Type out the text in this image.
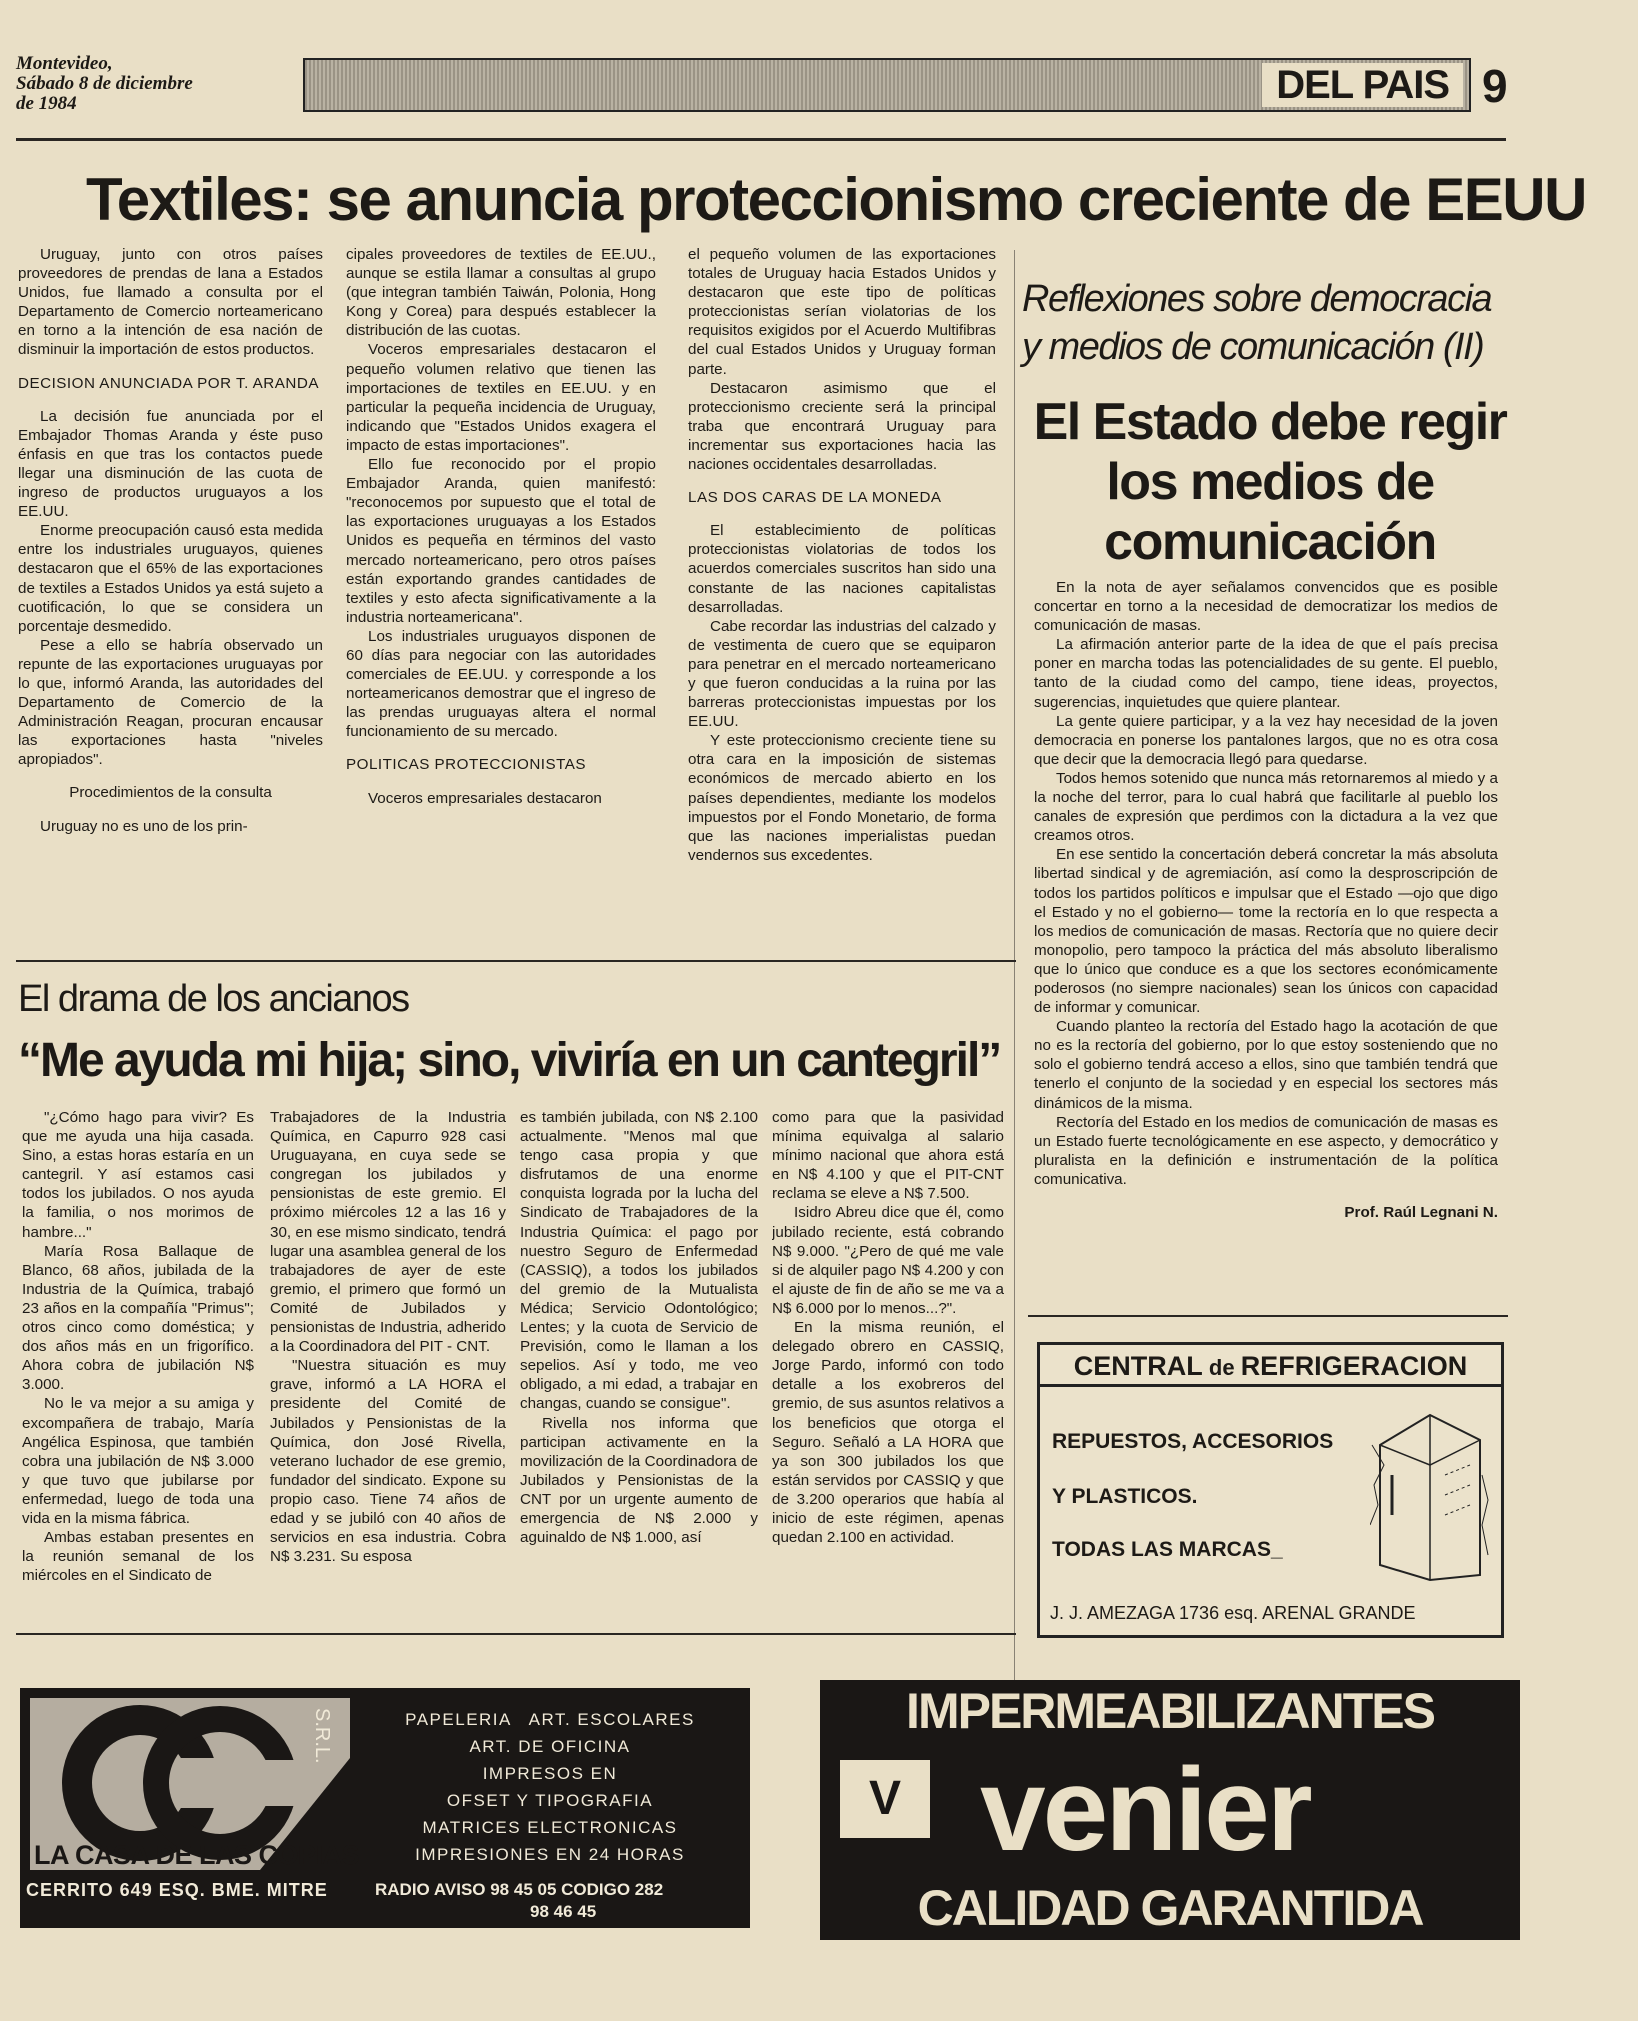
Montevideo,
Sábado 8 de diciembre
de 1984	DEL PAIS 9
Textiles: se anuncia proteccionismo creciente de EEUU

Uruguay, junto con otros países proveedores de prendas de lana a Estados Unidos, fue llamado a consulta por el Departamento de Comercio norteamericano en torno a la intención de esa nación de disminuir la importación de estos productos.

DECISION ANUNCIADA POR T. ARANDA

La decisión fue anunciada por el Embajador Thomas Aranda y éste puso énfasis en que tras los contactos puede llegar una disminución de las cuota de ingreso de productos uruguayos a los EE.UU.

Enorme preocupación causó esta medida entre los industriales uruguayos, quienes destacaron que el 65% de las exportaciones de textiles a Estados Unidos ya está sujeto a cuotificación, lo que se considera un porcentaje desmedido.

Pese a ello se habría observado un repunte de las exportaciones uruguayas por lo que, informó Aranda, las autoridades del Departamento de Comercio de la Administración Reagan, procuran encausar las exportaciones hasta "niveles apropiados".

Procedimientos de la consulta

Uruguay no es uno de los prin-

cipales proveedores de textiles de EE.UU., aunque se estila llamar a consultas al grupo (que integran también Taiwán, Polonia, Hong Kong y Corea) para después establecer la distribución de las cuotas.

Voceros empresariales destacaron el pequeño volumen relativo que tienen las importaciones de textiles en EE.UU. y en particular la pequeña incidencia de Uruguay, indicando que "Estados Unidos exagera el impacto de estas importaciones".

Ello fue reconocido por el propio Embajador Aranda, quien manifestó: "reconocemos por supuesto que el total de las exportaciones uruguayas a los Estados Unidos es pequeña en términos del vasto mercado norteamericano, pero otros países están exportando grandes cantidades de textiles y esto afecta significativamente a la industria norteamericana".

Los industriales uruguayos disponen de 60 días para negociar con las autoridades comerciales de EE.UU. y corresponde a los norteamericanos demostrar que el ingreso de las prendas uruguayas altera el normal funcionamiento de su mercado.

POLITICAS PROTECCIONISTAS

Voceros empresariales destacaron

el pequeño volumen de las exportaciones totales de Uruguay hacia Estados Unidos y destacaron que este tipo de políticas proteccionistas serían violatorias de los requisitos exigidos por el Acuerdo Multifibras del cual Estados Unidos y Uruguay forman parte.

Destacaron asimismo que el proteccionismo creciente será la principal traba que encontrará Uruguay para incrementar sus exportaciones hacia las naciones occidentales desarrolladas.

LAS DOS CARAS DE LA MONEDA

El establecimiento de políticas proteccionistas violatorias de todos los acuerdos comerciales suscritos han sido una constante de las naciones capitalistas desarrolladas.

Cabe recordar las industrias del calzado y de vestimenta de cuero que se equiparon para penetrar en el mercado norteamericano y que fueron conducidas a la ruina por las barreras proteccionistas impuestas por los EE.UU.

Y este proteccionismo creciente tiene su otra cara en la imposición de sistemas económicos de mercado abierto en los países dependientes, mediante los modelos impuestos por el Fondo Monetario, de forma que las naciones imperialistas puedan vendernos sus excedentes.

Reflexiones sobre democracia
y medios de comunicación (II)
El Estado debe regir
los medios de
comunicación

En la nota de ayer señalamos convencidos que es posible concertar en torno a la necesidad de democratizar los medios de comunicación de masas.

La afirmación anterior parte de la idea de que el país precisa poner en marcha todas las potencialidades de su gente. El pueblo, tanto de la ciudad como del campo, tiene ideas, proyectos, sugerencias, inquietudes que quiere plantear.

La gente quiere participar, y a la vez hay necesidad de la joven democracia en ponerse los pantalones largos, que no es otra cosa que decir que la democracia llegó para quedarse.

Todos hemos sotenido que nunca más retornaremos al miedo y a la noche del terror, para lo cual habrá que facilitarle al pueblo los canales de expresión que perdimos con la dictadura a la vez que creamos otros.

En ese sentido la concertación deberá concretar la más absoluta libertad sindical y de agremiación, así como la desproscripción de todos los partidos políticos e impulsar que el Estado —ojo que digo el Estado y no el gobierno— tome la rectoría en lo que respecta a los medios de comunicación de masas. Rectoría que no quiere decir monopolio, pero tampoco la práctica del más absoluto liberalismo que lo único que conduce es a que los sectores económicamente poderosos (no siempre nacionales) sean los únicos con capacidad de informar y comunicar.

Cuando planteo la rectoría del Estado hago la acotación de que no es la rectoría del gobierno, por lo que estoy sosteniendo que no solo el gobierno tendrá acceso a ellos, sino que también tendrá que tenerlo el conjunto de la sociedad y en especial los sectores más dinámicos de la misma.

Rectoría del Estado en los medios de comunicación de masas es un Estado fuerte tecnológicamente en ese aspecto, y democrático y pluralista en la definición e instrumentación de la política comunicativa.

Prof. Raúl Legnani N.

El drama de los ancianos
“Me ayuda mi hija; sino, viviría en un cantegril”

"¿Cómo hago para vivir? Es que me ayuda una hija casada. Sino, a estas horas estaría en un cantegril. Y así estamos casi todos los jubilados. O nos ayuda la familia, o nos morimos de hambre..."

María Rosa Ballaque de Blanco, 68 años, jubilada de la Industria de la Química, trabajó 23 años en la compañía "Primus"; otros cinco como doméstica; y dos años más en un frigorífico. Ahora cobra de jubilación N$ 3.000.

No le va mejor a su amiga y excompañera de trabajo, María Angélica Espinosa, que también cobra una jubilación de N$ 3.000 y que tuvo que jubilarse por enfermedad, luego de toda una vida en la misma fábrica.

Ambas estaban presentes en la reunión semanal de los miércoles en el Sindicato de

Trabajadores de la Industria Química, en Capurro 928 casi Uruguayana, en cuya sede se congregan los jubilados y pensionistas de este gremio. El próximo miércoles 12 a las 16 y 30, en ese mismo sindicato, tendrá lugar una asamblea general de los trabajadores de ayer de este gremio, el primero que formó un Comité de Jubilados y pensionistas de Industria, adherido a la Coordinadora del PIT - CNT.

"Nuestra situación es muy grave, informó a LA HORA el presidente del Comité de Jubilados y Pensionistas de la Química, don José Rivella, veterano luchador de ese gremio, fundador del sindicato. Expone su propio caso. Tiene 74 años de edad y se jubiló con 40 años de servicios en esa industria. Cobra N$ 3.231. Su esposa

es también jubilada, con N$ 2.100 actualmente. "Menos mal que tengo casa propia y que disfrutamos de una enorme conquista lograda por la lucha del Sindicato de Trabajadores de la Industria Química: el pago por nuestro Seguro de Enfermedad (CASSIQ), a todos los jubilados del gremio de la Mutualista Médica; Servicio Odontológico; Lentes; y la cuota de Servicio de Previsión, como le llaman a los sepelios. Así y todo, me veo obligado, a mi edad, a trabajar en changas, cuando se consigue".

Rivella nos informa que participan activamente en la movilización de la Coordinadora de Jubilados y Pensionistas de la CNT por un urgente aumento de emergencia de N$ 2.000 y aguinaldo de N$ 1.000, así

como para que la pasividad mínima equivalga al salario mínimo nacional que ahora está en N$ 4.100 y que el PIT-CNT reclama se eleve a N$ 7.500.

Isidro Abreu dice que él, como jubilado reciente, está cobrando N$ 9.000. "¿Pero de qué me vale si de alquiler pago N$ 4.200 y con el ajuste de fin de año se me va a N$ 6.000 por lo menos...?".

En la misma reunión, el delegado obrero en CASSIQ, Jorge Pardo, informó con todo detalle a los exobreros del gremio, de sus asuntos relativos a los beneficios que otorga el Seguro. Señaló a LA HORA que ya son 300 jubilados los que están servidos por CASSIQ y que de 3.200 operarios que había al inicio de este régimen, apenas quedan 2.100 en actividad.

CENTRAL de REFRIGERACION
REPUESTOS, ACCESORIOS
Y PLASTICOS.
TODAS LAS MARCAS_
J. J. AMEZAGA 1736 esq. ARENAL GRANDE
S.R.L.
LA CASA DE LAS COPIAS
PAPELERIA   ART. ESCOLARES
ART. DE OFICINA
IMPRESOS EN
OFSET Y TIPOGRAFIA
MATRICES ELECTRONICAS
IMPRESIONES EN 24 HORAS
CERRITO 649 ESQ. BME. MITRE	RADIO AVISO 98 45 05 CODIGO 282
98 46 45
IMPERMEABILIZANTES
V venier
CALIDAD GARANTIDA
